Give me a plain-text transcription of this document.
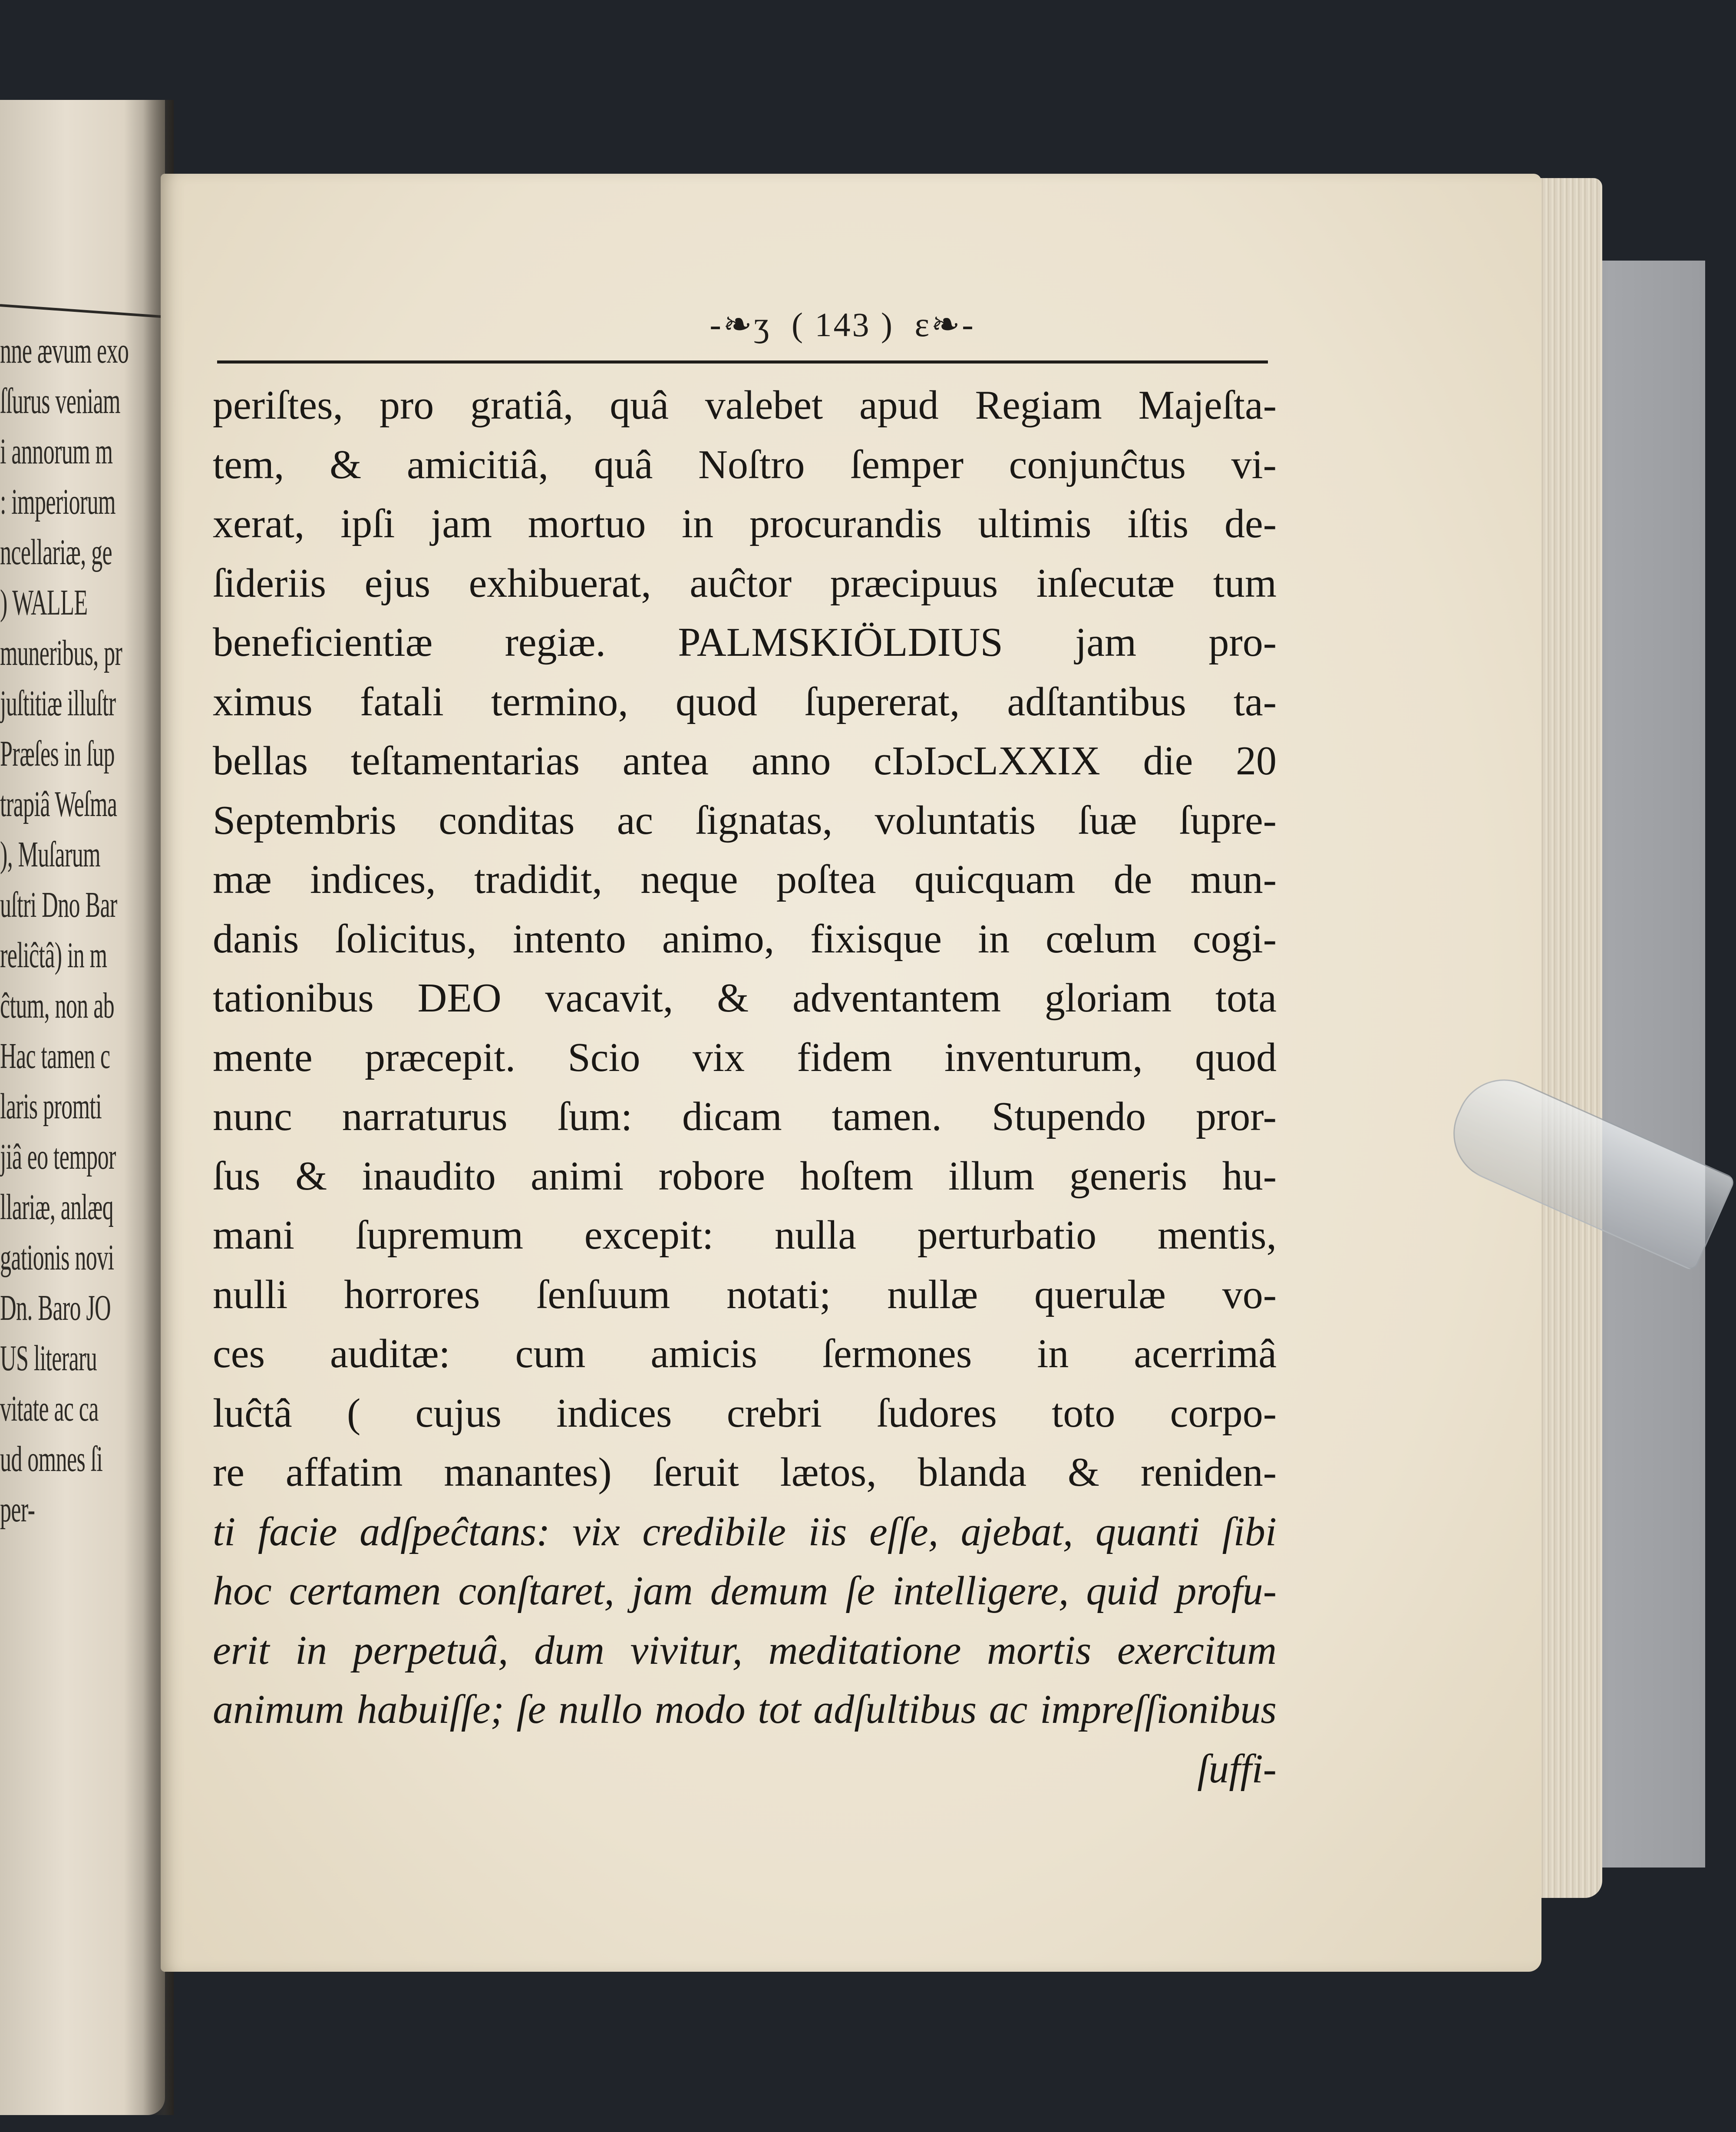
nne ævum exo
ſſurus veniam
i annorum m
: imperiorum
ncellariæ, ge
) WALLE
muneribus, pr
juſtitiæ illuſtr
Præſes in ſup
trapiâ Weſma
), Muſarum
uſtri Dno Bar
reliĉtâ) in m
ĉtum, non ab
Hac tamen c
laris promti
jiâ eo tempor
llariæ, anlæq
gationis novi
Dn. Baro JO
US literaru
vitate ac ca
ud omnes ſi
per-
-❧ʒ ( 143 ) ɛ❧-
periſtes, pro gratiâ, quâ valebet apud Regiam Majeſta-
tem, & amicitiâ, quâ Noſtro ſemper conjunĉtus vi-
xerat, ipſi jam mortuo in procurandis ultimis iſtis de-
ſideriis ejus exhibuerat, auĉtor præcipuus inſecutæ tum
beneficientiæ regiæ. PALMSKIÖLDIUS jam pro-
ximus fatali termino, quod ſupererat, adſtantibus ta-
bellas teſtamentarias antea anno cIɔIɔcLXXIX die 20
Septembris conditas ac ſignatas, voluntatis ſuæ ſupre-
mæ indices, tradidit, neque poſtea quicquam de mun-
danis ſolicitus, intento animo, fixisque in cœlum cogi-
tationibus DEO vacavit, & adventantem gloriam tota
mente præcepit. Scio vix fidem inventurum, quod
nunc narraturus ſum: dicam tamen. Stupendo pror-
ſus & inaudito animi robore hoſtem illum generis hu-
mani ſupremum excepit: nulla perturbatio mentis,
nulli horrores ſenſuum notati; nullæ querulæ vo-
ces auditæ: cum amicis ſermones in acerrimâ
luĉtâ ( cujus indices crebri ſudores toto corpo-
re affatim manantes) ſeruit lætos, blanda & reniden-
ti facie adſpeĉtans: vix credibile iis eſſe, ajebat, quanti ſibi
hoc certamen conſtaret, jam demum ſe intelligere, quid profu-
erit in perpetuâ, dum vivitur, meditatione mortis exercitum
animum habuiſſe; ſe nullo modo tot adſultibus ac impreſſionibus
ſuffi-
